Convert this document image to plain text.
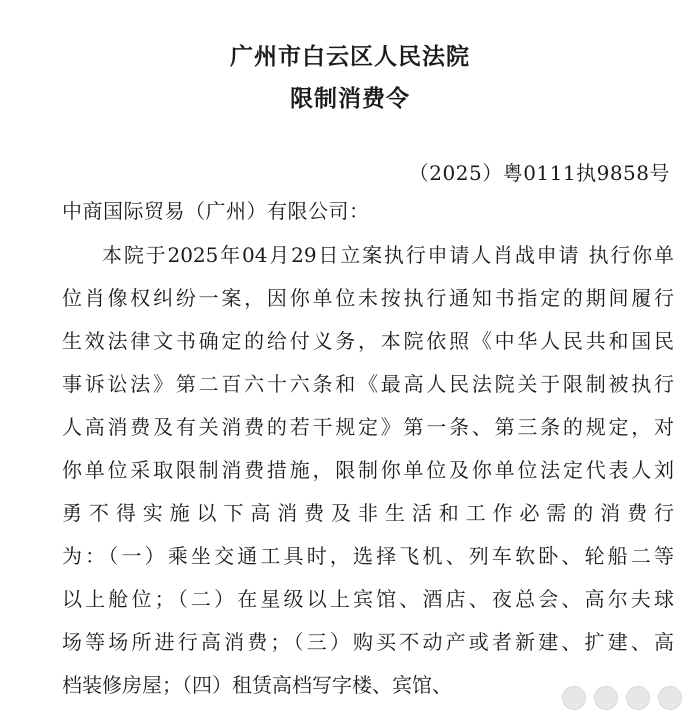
广州市白云区人民法院
限制消费令
（2025）粤0111执9858号
中商国际贸易（广州）有限公司：
本院于2025年04月29日立案执行申请人肖战申请 执行你单
位肖像权纠纷一案，因你单位未按执行通知书指定的期间履行
生效法律文书确定的给付义务，本院依照《中华人民共和国民
事诉讼法》第二百六十六条和《最高人民法院关于限制被执行
人高消费及有关消费的若干规定》第一条、第三条的规定，对
你单位采取限制消费措施，限制你单位及你单位法定代表人刘
勇不得实施以下高消费及非生活和工作必需的消费行
为：（一）乘坐交通工具时，选择飞机、列车软卧、轮船二等
以上舱位；（二）在星级以上宾馆、酒店、夜总会、高尔夫球
场等场所进行高消费；（三）购买不动产或者新建、扩建、高
档装修房屋；（四）租赁高档写字楼、宾馆、
